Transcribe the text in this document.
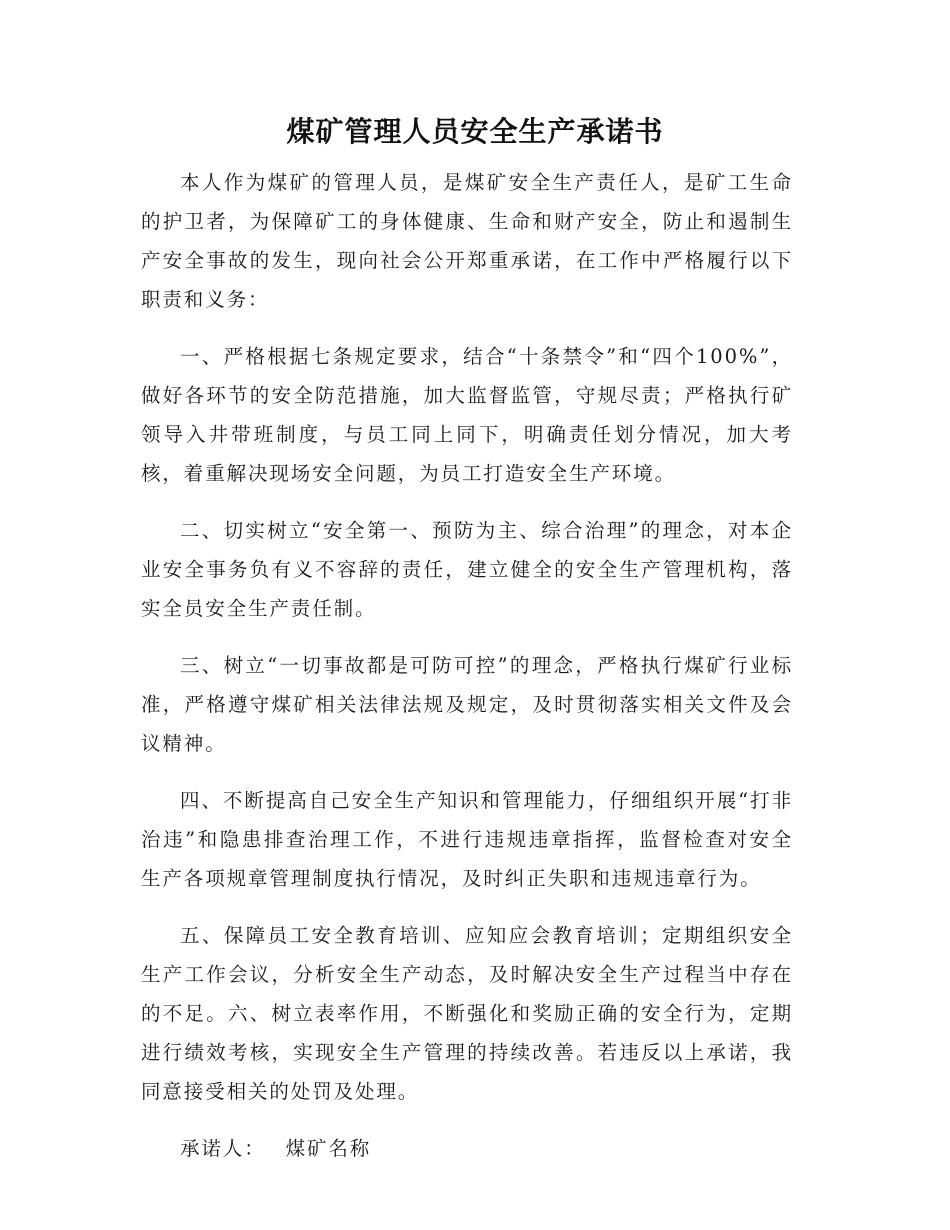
煤矿管理人员安全生产承诺书

本人作为煤矿的管理人员，是煤矿安全生产责任人，是矿工生命的护卫者，为保障矿工的身体健康、生命和财产安全，防止和遏制生产安全事故的发生，现向社会公开郑重承诺，在工作中严格履行以下职责和义务：

一、严格根据七条规定要求，结合“十条禁令”和“四个100%”，做好各环节的安全防范措施，加大监督监管，守规尽责；严格执行矿领导入井带班制度，与员工同上同下，明确责任划分情况，加大考核，着重解决现场安全问题，为员工打造安全生产环境。

二、切实树立“安全第一、预防为主、综合治理”的理念，对本企业安全事务负有义不容辞的责任，建立健全的安全生产管理机构，落实全员安全生产责任制。

三、树立“一切事故都是可防可控”的理念，严格执行煤矿行业标准，严格遵守煤矿相关法律法规及规定，及时贯彻落实相关文件及会议精神。

四、不断提高自己安全生产知识和管理能力，仔细组织开展“打非治违”和隐患排查治理工作，不进行违规违章指挥，监督检查对安全生产各项规章管理制度执行情况，及时纠正失职和违规违章行为。

五、保障员工安全教育培训、应知应会教育培训；定期组织安全生产工作会议，分析安全生产动态，及时解决安全生产过程当中存在的不足。六、树立表率作用，不断强化和奖励正确的安全行为，定期进行绩效考核，实现安全生产管理的持续改善。若违反以上承诺，我同意接受相关的处罚及处理。

承诺人： 煤矿名称
